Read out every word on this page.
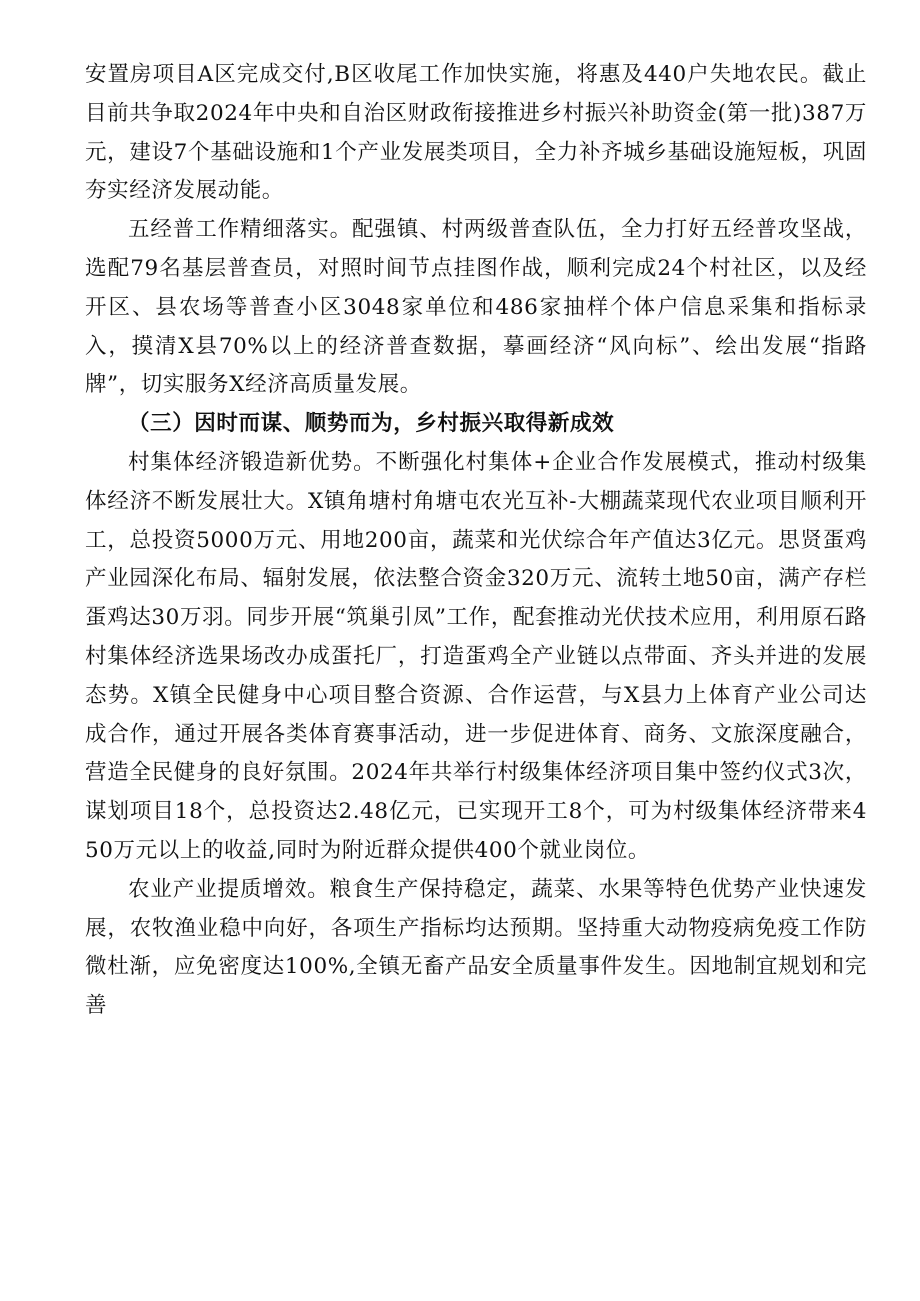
安置房项目A区完成交付,B区收尾工作加快实施，将惠及440户失地农民。截止目前共争取2024年中央和自治区财政衔接推进乡村振兴补助资金(第一批)387万元，建设7个基础设施和1个产业发展类项目，全力补齐城乡基础设施短板，巩固夯实经济发展动能。

五经普工作精细落实。配强镇、村两级普查队伍，全力打好五经普攻坚战，选配79名基层普查员，对照时间节点挂图作战，顺利完成24个村社区，以及经开区、县农场等普查小区3048家单位和486家抽样个体户信息采集和指标录入，摸清X县70%以上的经济普查数据，摹画经济“风向标”、绘出发展“指路牌”，切实服务X经济高质量发展。

（三）因时而谋、顺势而为，乡村振兴取得新成效

村集体经济锻造新优势。不断强化村集体+企业合作发展模式，推动村级集体经济不断发展壮大。X镇角塘村角塘屯农光互补-大棚蔬菜现代农业项目顺利开工，总投资5000万元、用地200亩，蔬菜和光伏综合年产值达3亿元。思贤蛋鸡产业园深化布局、辐射发展，依法整合资金320万元、流转土地50亩，满产存栏蛋鸡达30万羽。同步开展“筑巢引凤”工作，配套推动光伏技术应用，利用原石路村集体经济选果场改办成蛋托厂，打造蛋鸡全产业链以点带面、齐头并进的发展态势。X镇全民健身中心项目整合资源、合作运营，与X县力上体育产业公司达成合作，通过开展各类体育赛事活动，进一步促进体育、商务、文旅深度融合，营造全民健身的良好氛围。2024年共举行村级集体经济项目集中签约仪式3次，谋划项目18个，总投资达2.48亿元，已实现开工8个，可为村级集体经济带来450万元以上的收益,同时为附近群众提供400个就业岗位。

农业产业提质增效。粮食生产保持稳定，蔬菜、水果等特色优势产业快速发展，农牧渔业稳中向好，各项生产指标均达预期。坚持重大动物疫病免疫工作防微杜渐，应免密度达100%,全镇无畜产品安全质量事件发生。因地制宜规划和完善
